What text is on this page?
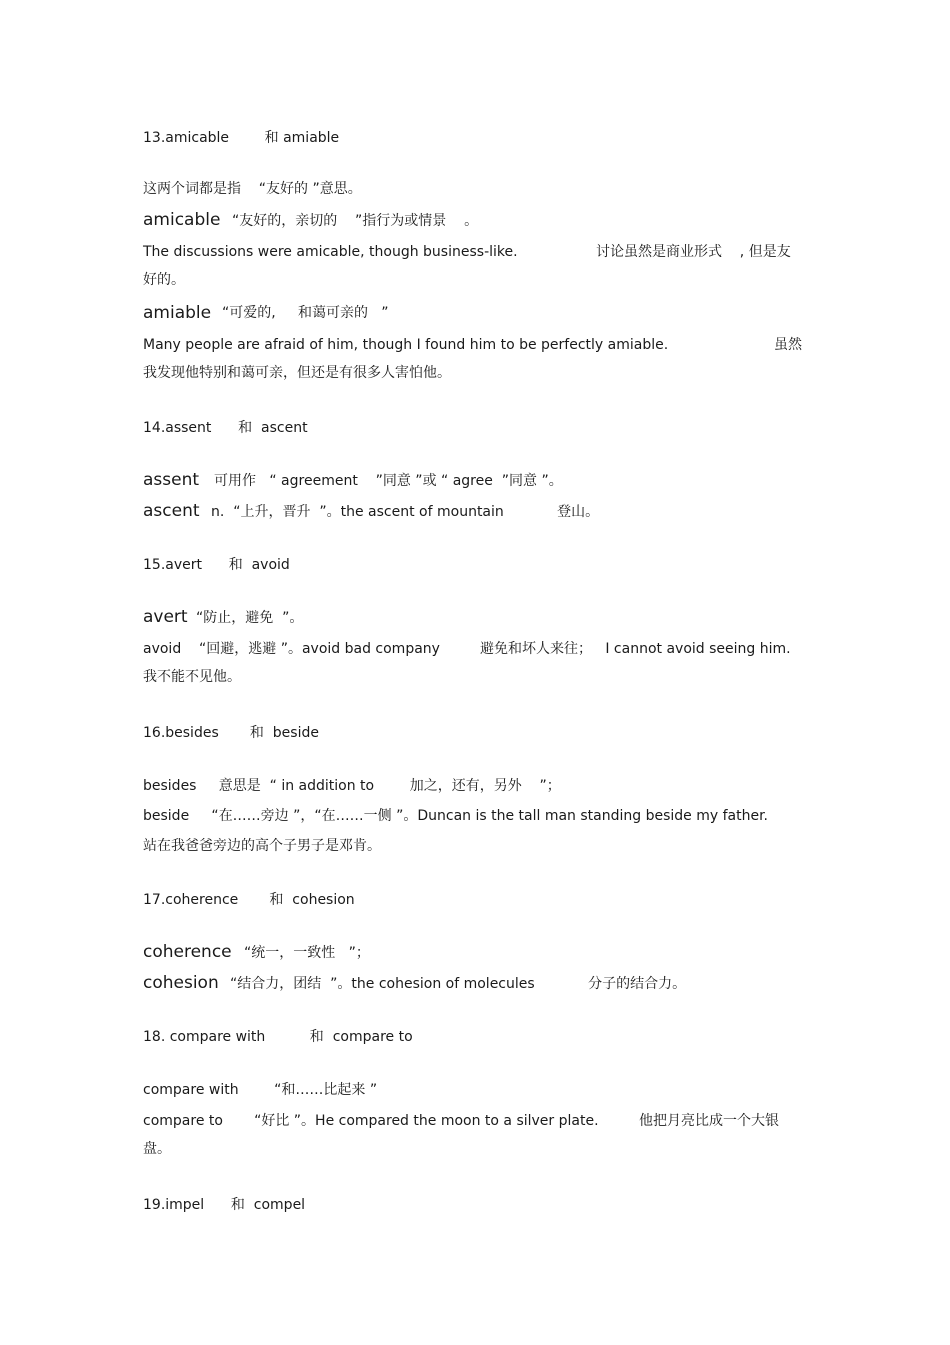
13.amicable        和 amiable
这两个词都是指    “友好的 ”意思。
amicable “友好的，亲切的    ”指行为或情景    。
The discussions were amicable, though business-like.	讨论虽然是商业形式    , 但是友
好的。
amiable “可爱的,     和蔼可亲的   ”
Many people are afraid of him, though I found him to be perfectly amiable.	虽然
我发现他特别和蔼可亲，但还是有很多人害怕他。
14.assent      和  ascent
assent 可用作   “ agreement    ”同意 ”或 “ agree  ”同意 ”。
ascent n.  “上升，晋升  ”。the ascent of mountain            登山。
15.avert      和  avoid
avert “防止，避免  ”。
avoid    “回避，逃避 ”。avoid bad company         避免和坏人来往；   I cannot avoid seeing him.
我不能不见他。
16.besides       和  beside
besides     意思是  “ in addition to        加之，还有，另外    ”；
beside     “在……旁边 ”，“在……一侧 ”。Duncan is the tall man standing beside my father.
站在我爸爸旁边的高个子男子是邓肯。
17.coherence       和  cohesion
coherence “统一，一致性   ”；
cohesion “结合力，团结  ”。the cohesion of molecules            分子的结合力。
18. compare with          和  compare to
compare with        “和……比起来 ”
compare to       “好比 ”。He compared the moon to a silver plate.	他把月亮比成一个大银
盘。
19.impel      和  compel
